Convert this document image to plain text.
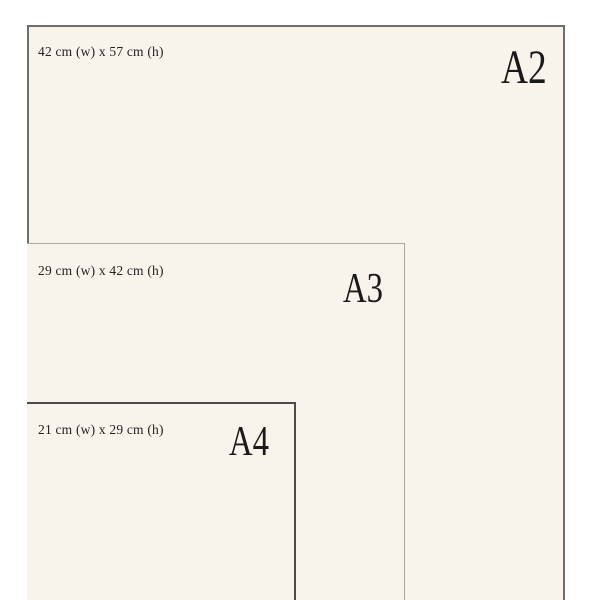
42 cm (w) x 57 cm (h)	A2
29 cm (w) x 42 cm (h)	A3
21 cm (w) x 29 cm (h) A4
